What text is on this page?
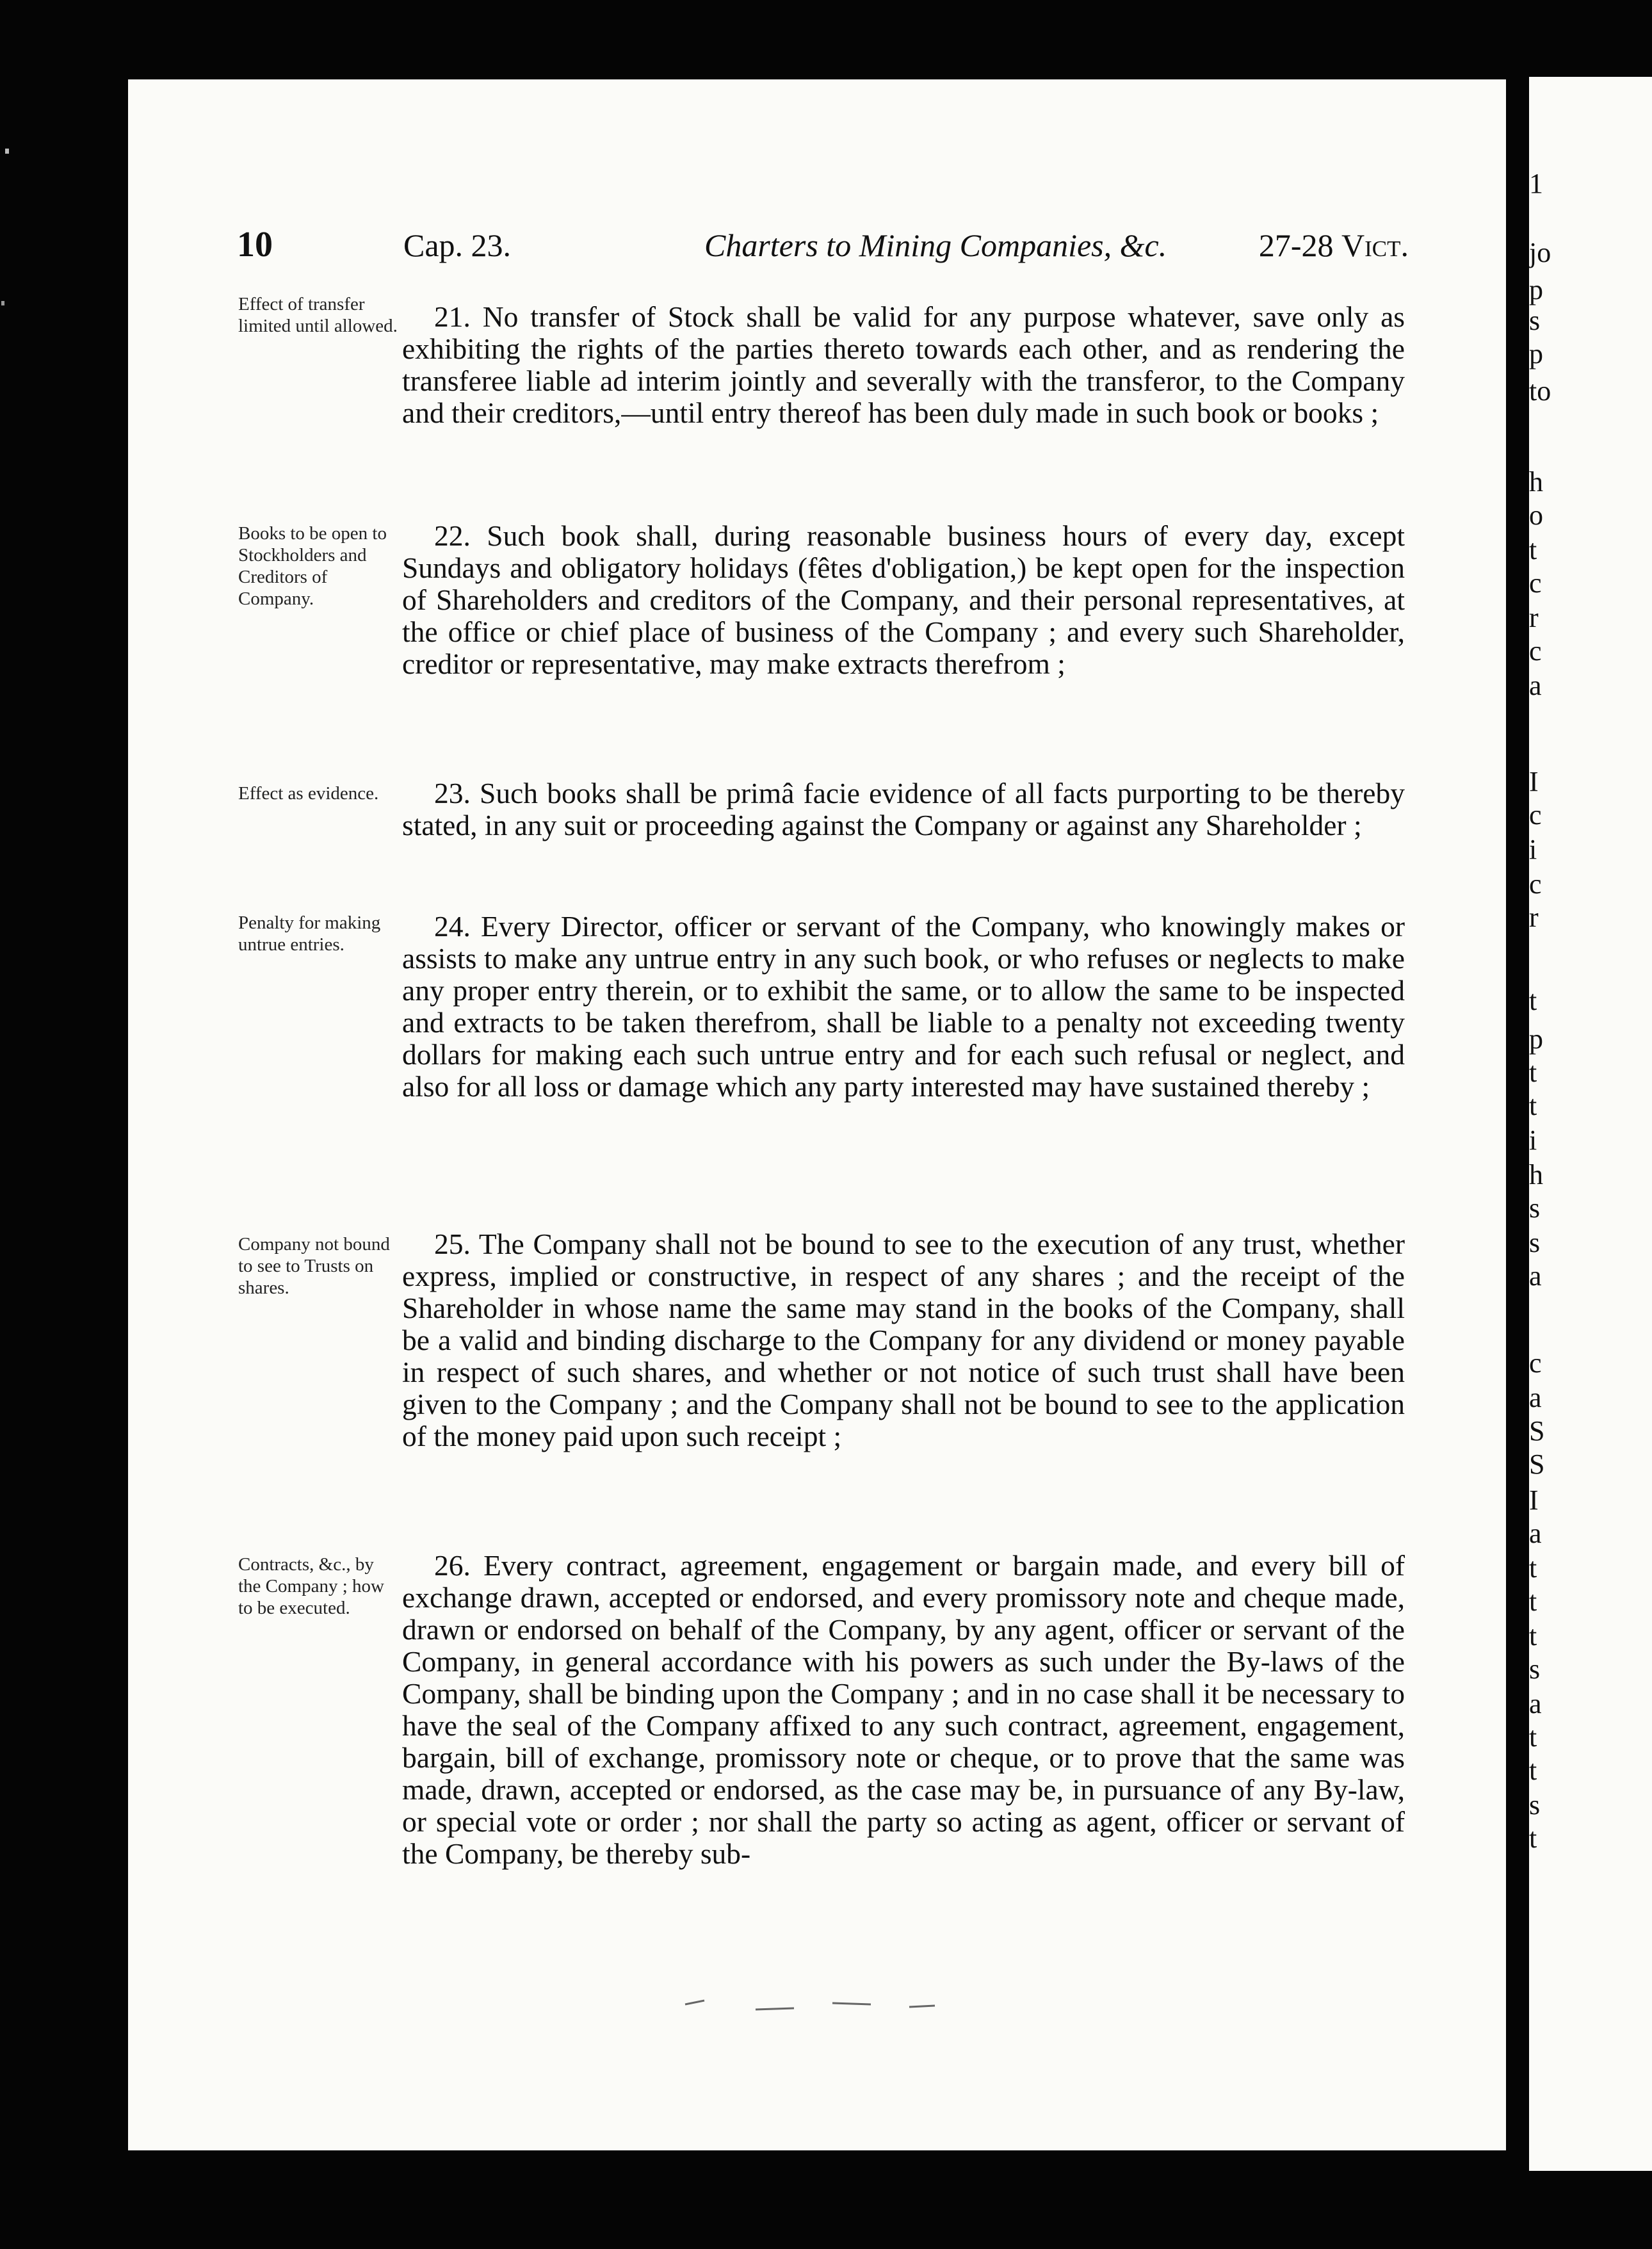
1
jo
p
s
p
to
h
o
t
c
r
c
a
I
c
i
c
r
t
p
t
t
i
h
s
s
a
c
a
S
S
I
a
t
t
t
s
a
t
t
s
t
10	Cap. 23.	Charters to Mining Companies, &c.	27-28 Vict.
Effect of transfer limited until allowed.	21. No transfer of Stock shall be valid for any purpose whatever, save only as exhibiting the rights of the parties thereto towards each other, and as rendering the transferee liable ad interim jointly and severally with the transferor, to the Company and their creditors,—until entry thereof has been duly made in such book or books ;

Books to be open to Stockholders and Creditors of Company.

22. Such book shall, during reasonable business hours of every day, except Sundays and obligatory holidays (fêtes d'obligation,) be kept open for the inspection of Shareholders and creditors of the Company, and their personal representatives, at the office or chief place of business of the Company ; and every such Shareholder, creditor or representative, may make extracts therefrom ;

Effect as evidence.	23. Such books shall be primâ facie evidence of all facts purporting to be thereby stated, in any suit or proceeding against the Company or against any Shareholder ;

Penalty for making untrue entries.

24. Every Director, officer or servant of the Company, who knowingly makes or assists to make any untrue entry in any such book, or who refuses or neglects to make any proper entry therein, or to exhibit the same, or to allow the same to be inspected and extracts to be taken therefrom, shall be liable to a penalty not exceeding twenty dollars for making each such untrue entry and for each such refusal or neglect, and also for all loss or damage which any party interested may have sustained thereby ;

Company not bound to see to Trusts on shares.

25. The Company shall not be bound to see to the execution of any trust, whether express, implied or constructive, in respect of any shares ; and the receipt of the Shareholder in whose name the same may stand in the books of the Company, shall be a valid and binding discharge to the Company for any dividend or money payable in respect of such shares, and whether or not notice of such trust shall have been given to the Company ; and the Company shall not be bound to see to the application of the money paid upon such receipt ;

Contracts, &c., by the Company ; how to be executed.

26. Every contract, agreement, engagement or bargain made, and every bill of exchange drawn, accepted or endorsed, and every promissory note and cheque made, drawn or endorsed on behalf of the Company, by any agent, officer or servant of the Company, in general accordance with his powers as such under the By-laws of the Company, shall be binding upon the Company ; and in no case shall it be necessary to have the seal of the Company affixed to any such contract, agreement, engagement, bargain, bill of exchange, promissory note or cheque, or to prove that the same was made, drawn, accepted or endorsed, as the case may be, in pursuance of any By-law, or special vote or order ; nor shall the party so acting as agent, officer or servant of the Company, be thereby sub-
